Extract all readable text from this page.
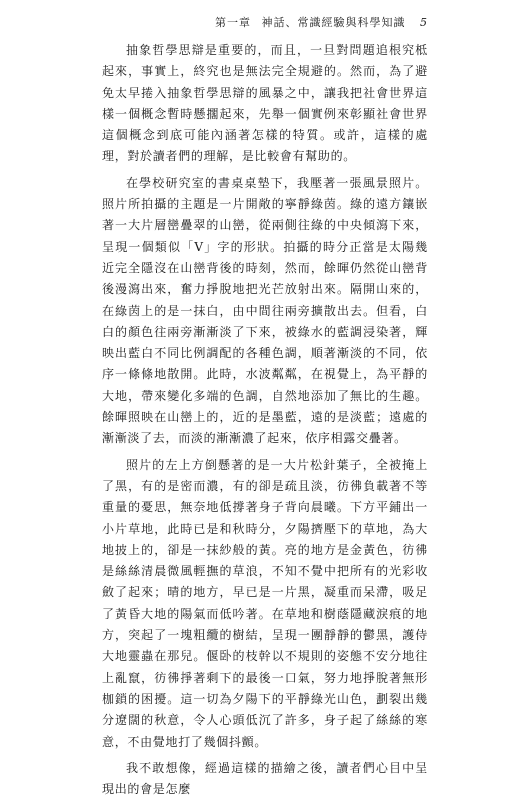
第一章 神話、常識經驗與科學知識 5

抽象哲學思辯是重要的，而且，一旦對問題追根究柢起來，事實上，終究也是無法完全規避的。然而，為了避免太早捲入抽象哲學思辯的風暴之中，讓我把社會世界這樣一個概念暫時懸擱起來，先舉一個實例來彰顯社會世界這個概念到底可能內涵著怎樣的特質。或許，這樣的處理，對於讀者們的理解，是比較會有幫助的。

在學校研究室的書桌桌墊下，我壓著一張風景照片。照片所拍攝的主題是一片開敞的寧靜綠茵。綠的遠方鑲嵌著一大片層巒疊翠的山巒，從兩側往綠的中央傾瀉下來，呈現一個類似「V」字的形狀。拍攝的時分正當是太陽幾近完全隱沒在山巒背後的時刻，然而，餘暉仍然從山巒背後漫瀉出來，奮力掙脫地把光芒放射出來。隔開山來的，在綠茵上的是一抹白，由中間往兩旁擴散出去。但看，白白的顏色往兩旁漸漸淡了下來，被綠水的藍調浸染著，輝映出藍白不同比例調配的各種色調，順著漸淡的不同，依序一條條地散開。此時，水波粼粼，在視覺上，為平靜的大地，帶來變化多端的色調，自然地添加了無比的生趣。餘暉照映在山巒上的，近的是墨藍，遠的是淡藍；遠處的漸漸淡了去，而淡的漸漸濃了起來，依序相露交疊著。

照片的左上方倒懸著的是一大片松針葉子，全被掩上了黑，有的是密而濃，有的卻是疏且淡，彷彿負載著不等重量的憂思，無奈地低撐著身子背向晨曦。下方平鋪出一小片草地，此時已是和秋時分，夕陽擠壓下的草地，為大地披上的，卻是一抹紗般的黃。亮的地方是金黃色，彷彿是絲絲清晨微風輕撫的草浪，不知不覺中把所有的光彩收斂了起來；晴的地方，早已是一片黑，凝重而呆滯，吸足了黃昏大地的陽氣而低吟著。在草地和樹蔭隱藏淚痕的地方，突起了一塊粗纜的樹結，呈現一團靜靜的鬱黑，護侍大地靈蟲在那兒。偃卧的枝幹以不規則的姿態不安分地往上亂竄，彷彿掙著剩下的最後一口氣，努力地掙脫著無形枷鎖的困擾。這一切為夕陽下的平靜綠光山色，劃裂出幾分遼闊的秋意，令人心頭低沉了許多，身子起了絲絲的寒意，不由覺地打了幾個抖顫。

我不敢想像，經過這樣的描繪之後，讀者們心目中呈現出的會是怎麼
